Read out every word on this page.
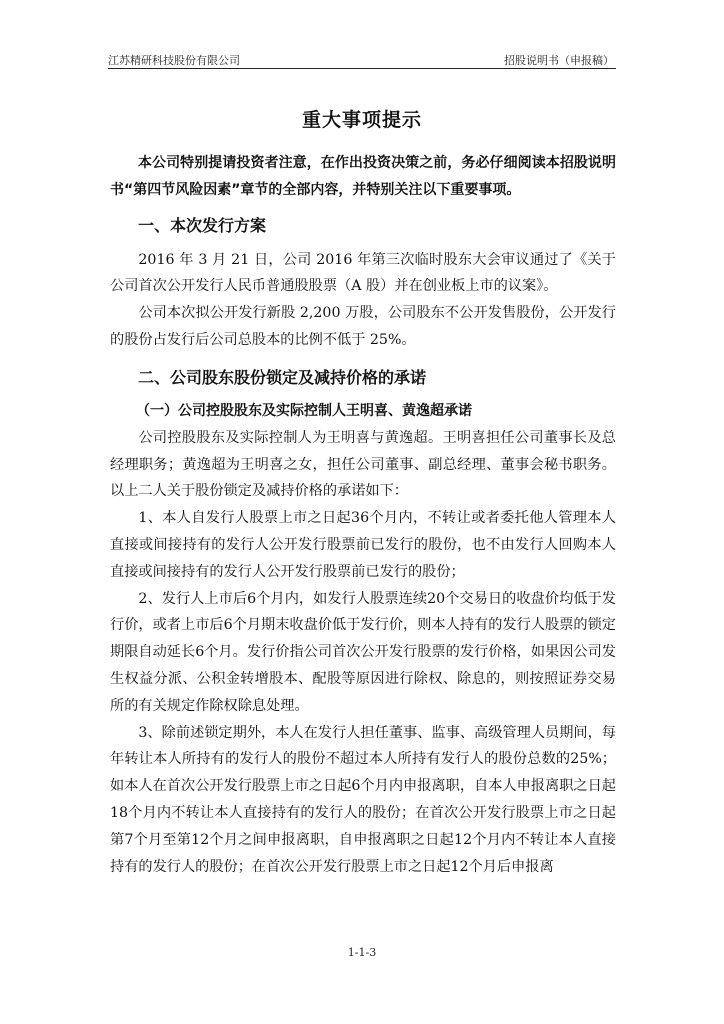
江苏精研科技股份有限公司	招股说明书（申报稿）
重大事项提示

本公司特别提请投资者注意，在作出投资决策之前，务必仔细阅读本招股说明书“第四节风险因素”章节的全部内容，并特别关注以下重要事项。

一、本次发行方案

2016 年 3 月 21 日，公司 2016 年第三次临时股东大会审议通过了《关于公司首次公开发行人民币普通股股票（A 股）并在创业板上市的议案》。

公司本次拟公开发行新股 2,200 万股，公司股东不公开发售股份，公开发行的股份占发行后公司总股本的比例不低于 25%。

二、公司股东股份锁定及减持价格的承诺
（一）公司控股股东及实际控制人王明喜、黄逸超承诺

公司控股股东及实际控制人为王明喜与黄逸超。王明喜担任公司董事长及总经理职务；黄逸超为王明喜之女，担任公司董事、副总经理、董事会秘书职务。以上二人关于股份锁定及减持价格的承诺如下：

1、本人自发行人股票上市之日起36个月内，不转让或者委托他人管理本人直接或间接持有的发行人公开发行股票前已发行的股份，也不由发行人回购本人直接或间接持有的发行人公开发行股票前已发行的股份；

2、发行人上市后6个月内，如发行人股票连续20个交易日的收盘价均低于发行价，或者上市后6个月期末收盘价低于发行价，则本人持有的发行人股票的锁定期限自动延长6个月。发行价指公司首次公开发行股票的发行价格，如果因公司发生权益分派、公积金转增股本、配股等原因进行除权、除息的，则按照证券交易所的有关规定作除权除息处理。

3、除前述锁定期外，本人在发行人担任董事、监事、高级管理人员期间，每年转让本人所持有的发行人的股份不超过本人所持有发行人的股份总数的25%；如本人在首次公开发行股票上市之日起6个月内申报离职，自本人申报离职之日起18个月内不转让本人直接持有的发行人的股份；在首次公开发行股票上市之日起第7个月至第12个月之间申报离职，自申报离职之日起12个月内不转让本人直接持有的发行人的股份；在首次公开发行股票上市之日起12个月后申报离

1-1-3
